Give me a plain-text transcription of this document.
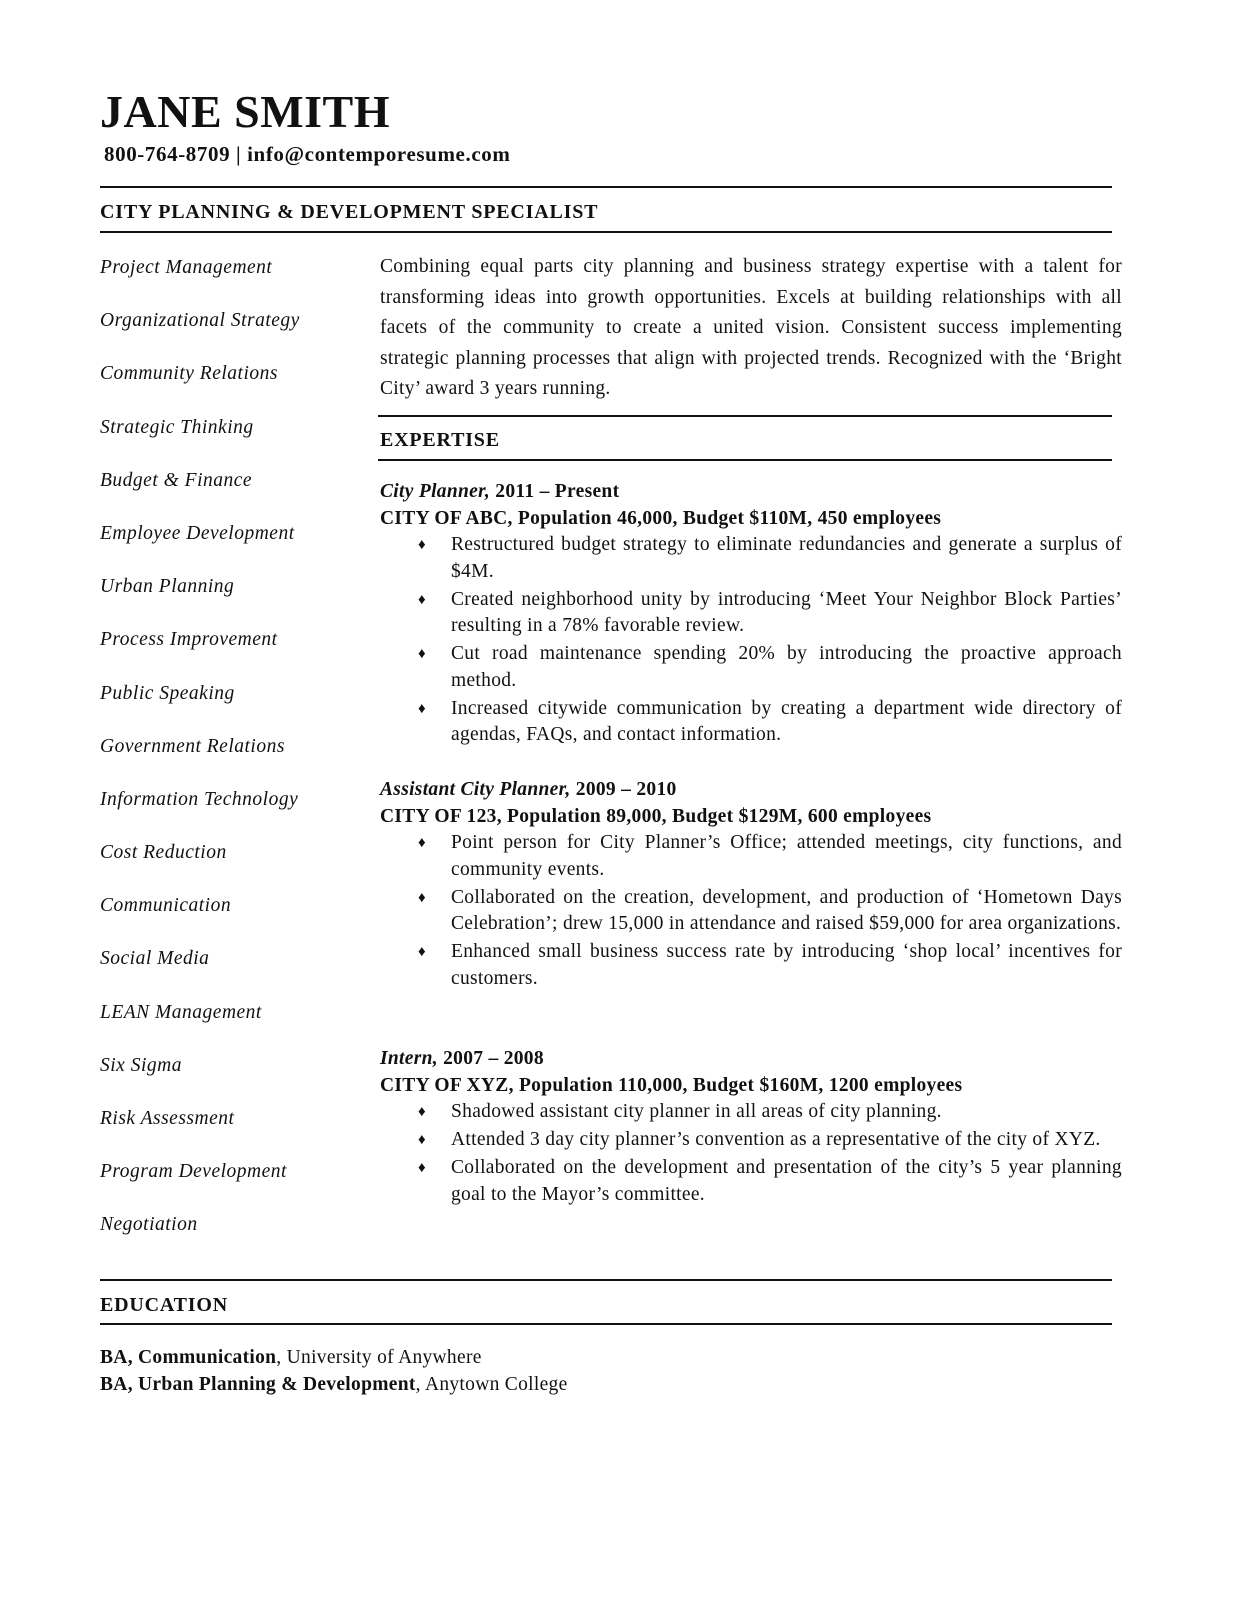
JANE SMITH
800-764-8709 | info@contemporesume.com
CITY PLANNING & DEVELOPMENT SPECIALIST
Project Management
Organizational Strategy
Community Relations
Strategic Thinking
Budget & Finance
Employee Development
Urban Planning
Process Improvement
Public Speaking
Government Relations
Information Technology
Cost Reduction
Communication
Social Media
LEAN Management
Six Sigma
Risk Assessment
Program Development
Negotiation
Combining equal parts city planning and business strategy expertise with a talent for transforming ideas into growth opportunities. Excels at building relationships with all facets of the community to create a united vision. Consistent success implementing strategic planning processes that align with projected trends. Recognized with the ‘Bright City’ award 3 years running.
EXPERTISE
City Planner, 2011 – Present
CITY OF ABC, Population 46,000, Budget $110M, 450 employees
♦ Restructured budget strategy to eliminate redundancies and generate a surplus of $4M.
♦ Created neighborhood unity by introducing ‘Meet Your Neighbor Block Parties’ resulting in a 78% favorable review.
♦ Cut road maintenance spending 20% by introducing the proactive approach method.
♦ Increased citywide communication by creating a department wide directory of agendas, FAQs, and contact information.
Assistant City Planner, 2009 – 2010
CITY OF 123, Population 89,000, Budget $129M, 600 employees
♦ Point person for City Planner’s Office; attended meetings, city functions, and community events.
♦ Collaborated on the creation, development, and production of ‘Hometown Days Celebration’; drew 15,000 in attendance and raised $59,000 for area organizations.
♦ Enhanced small business success rate by introducing ‘shop local’ incentives for customers.
Intern, 2007 – 2008
CITY OF XYZ, Population 110,000, Budget $160M, 1200 employees
♦ Shadowed assistant city planner in all areas of city planning.
♦ Attended 3 day city planner’s convention as a representative of the city of XYZ.
♦ Collaborated on the development and presentation of the city’s 5 year planning goal to the Mayor’s committee.
EDUCATION
BA, Communication, University of Anywhere
BA, Urban Planning & Development, Anytown College
